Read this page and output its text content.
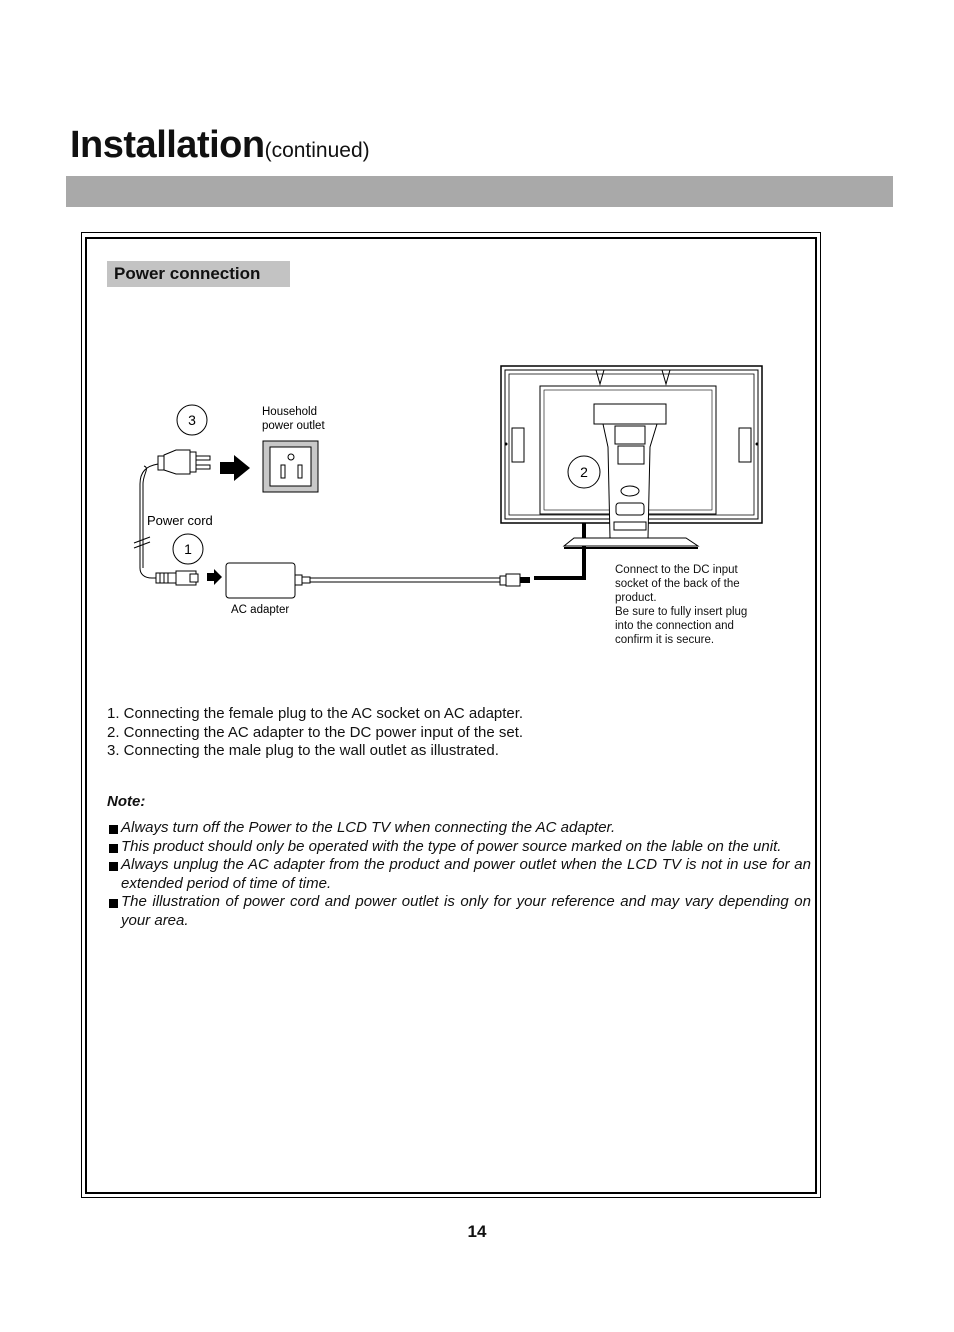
Installation(continued)
Power connection
3	Household
power outlet
Power cord
1
AC adapter
2
Connect to the DC input
socket of the back of the
product.
Be sure to fully insert plug
into the connection and
confirm it is secure.
1. Connecting the female plug to the AC socket on AC adapter.
2. Connecting the AC adapter to the DC power input of the set.
3. Connecting the male plug to the wall outlet as illustrated.
Note:
Always turn off the Power to the LCD TV when connecting the AC adapter.
This product should only be operated with the type of power source marked on the lable on the unit.
Always unplug the AC adapter from the product and power outlet when the LCD TV is not in use for an extended period of time of time.
The illustration of power cord and power outlet is only for your reference and may vary depending on your area.
14
